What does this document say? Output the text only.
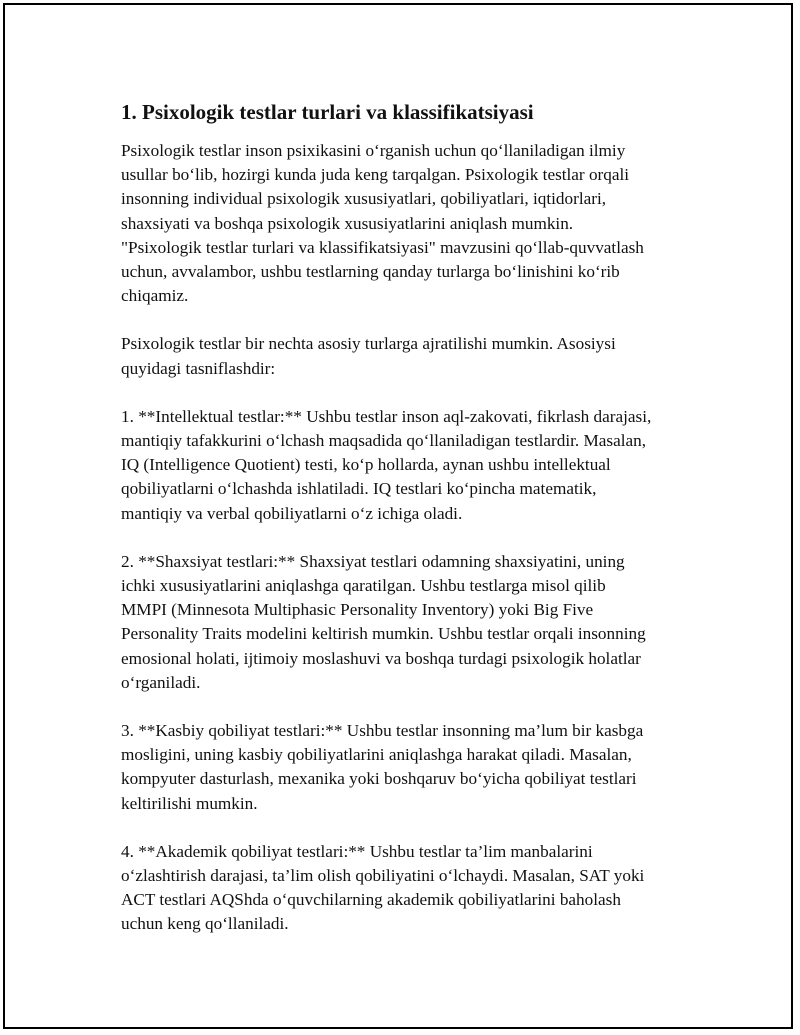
1. Psixologik testlar turlari va klassifikatsiyasi

Psixologik testlar inson psixikasini o‘rganish uchun qo‘llaniladigan ilmiy
usullar bo‘lib, hozirgi kunda juda keng tarqalgan. Psixologik testlar orqali
insonning individual psixologik xususiyatlari, qobiliyatlari, iqtidorlari,
shaxsiyati va boshqa psixologik xususiyatlarini aniqlash mumkin.
"Psixologik testlar turlari va klassifikatsiyasi" mavzusini qo‘llab-quvvatlash
uchun, avvalambor, ushbu testlarning qanday turlarga bo‘linishini ko‘rib
chiqamiz.

Psixologik testlar bir nechta asosiy turlarga ajratilishi mumkin. Asosiysi
quyidagi tasniflashdir:

1. **Intellektual testlar:** Ushbu testlar inson aql-zakovati, fikrlash darajasi,
mantiqiy tafakkurini o‘lchash maqsadida qo‘llaniladigan testlardir. Masalan,
IQ (Intelligence Quotient) testi, ko‘p hollarda, aynan ushbu intellektual
qobiliyatlarni o‘lchashda ishlatiladi. IQ testlari ko‘pincha matematik,
mantiqiy va verbal qobiliyatlarni o‘z ichiga oladi.

2. **Shaxsiyat testlari:** Shaxsiyat testlari odamning shaxsiyatini, uning
ichki xususiyatlarini aniqlashga qaratilgan. Ushbu testlarga misol qilib
MMPI (Minnesota Multiphasic Personality Inventory) yoki Big Five
Personality Traits modelini keltirish mumkin. Ushbu testlar orqali insonning
emosional holati, ijtimoiy moslashuvi va boshqa turdagi psixologik holatlar
o‘rganiladi.

3. **Kasbiy qobiliyat testlari:** Ushbu testlar insonning ma’lum bir kasbga
mosligini, uning kasbiy qobiliyatlarini aniqlashga harakat qiladi. Masalan,
kompyuter dasturlash, mexanika yoki boshqaruv bo‘yicha qobiliyat testlari
keltirilishi mumkin.

4. **Akademik qobiliyat testlari:** Ushbu testlar ta’lim manbalarini
o‘zlashtirish darajasi, ta’lim olish qobiliyatini o‘lchaydi. Masalan, SAT yoki
ACT testlari AQShda o‘quvchilarning akademik qobiliyatlarini baholash
uchun keng qo‘llaniladi.
